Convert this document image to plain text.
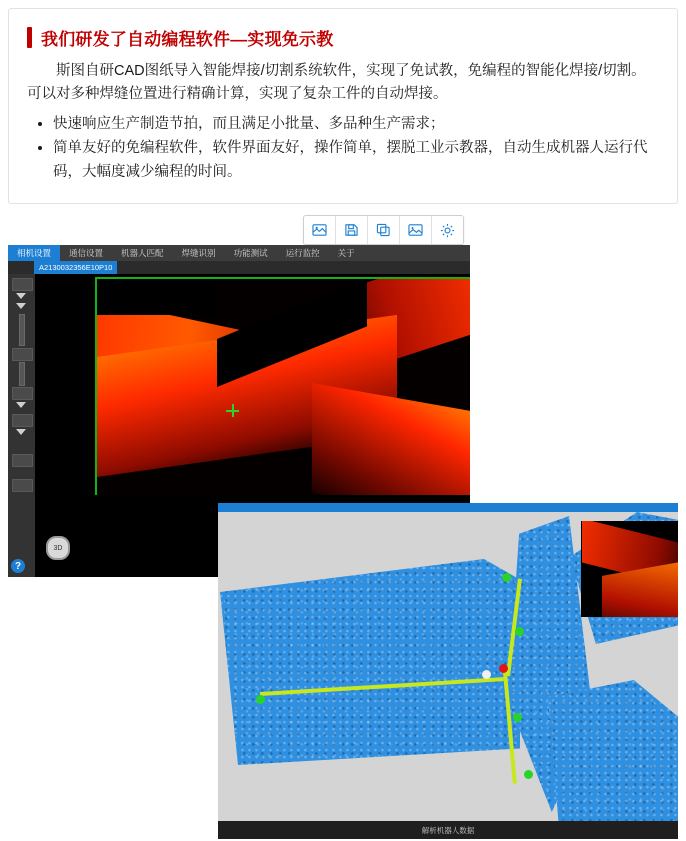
我们研发了自动编程软件—实现免示教

斯图自研CAD图纸导入智能焊接/切割系统软件，实现了免试教，免编程的智能化焊接/切割。可以对多种焊缝位置进行精确计算，实现了复杂工件的自动焊接。

• 快速响应生产制造节拍，而且满足小批量、多品种生产需求；
• 简单友好的免编程软件，软件界面友好，操作简单，摆脱工业示教器，自动生成机器人运行代码，大幅度减少编程的时间。
相机设置	通信设置	机器人匹配	焊缝识别	功能测试	运行监控	关于
A2130032356E10P10
?
3D
解析机器人数据
